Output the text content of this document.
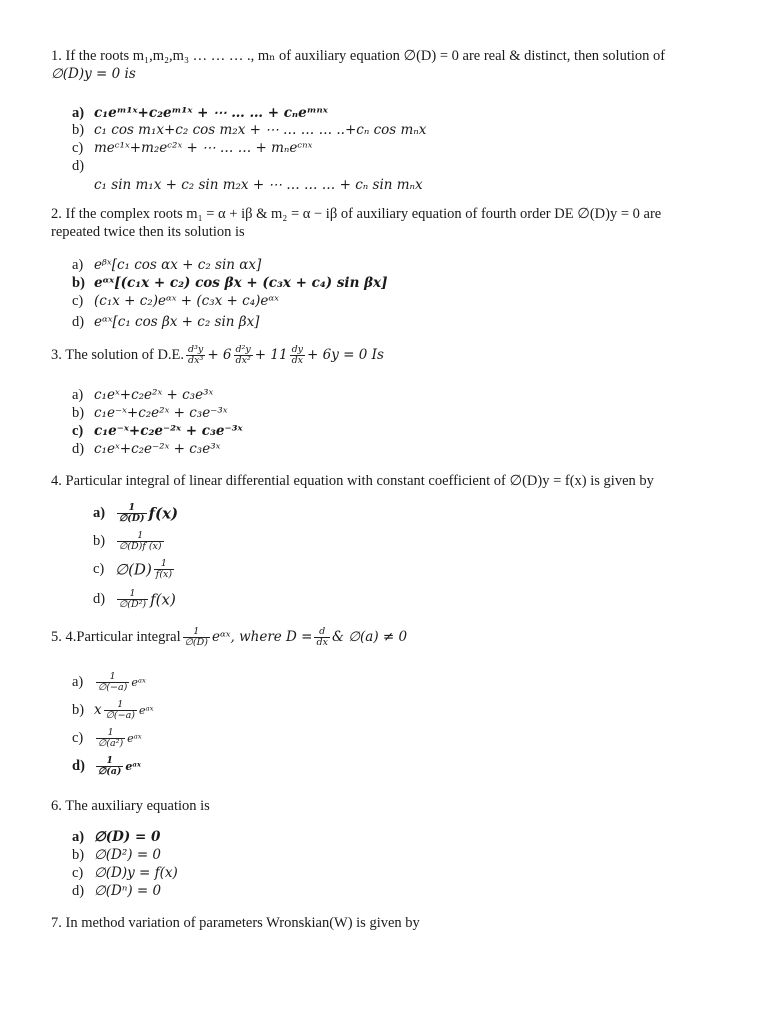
1. If the roots m₁,m₂,m₃ … … … ., mₙ of auxiliary equation ∅(D) = 0 are real & distinct, then solution of
∅(D)y = 0 is
a) c₁eᵐ¹ˣ+c₂eᵐ¹ˣ + ⋯ … … + cₙeᵐⁿˣ
b) c₁ cos m₁x+c₂ cos m₂x + ⋯ … … … ..+cₙ cos mₙx
c) meᶜ¹ˣ+m₂eᶜ²ˣ + ⋯ … … + mₙeᶜⁿˣ
d)
c₁ sin m₁x + c₂ sin m₂x + ⋯ … … … + cₙ sin mₙx
2. If the complex roots m₁ = α + iβ & m₂ = α − iβ of auxiliary equation of fourth order DE ∅(D)y = 0 are
repeated twice then its solution is
a) eᵝˣ[c₁ cos αx + c₂ sin αx]
b) eᵅˣ[(c₁x + c₂) cos βx + (c₃x + c₄) sin βx]
c) (c₁x + c₂)eᵅˣ + (c₃x + c₄)eᵅˣ
d) eᵅˣ[c₁ cos βx + c₂ sin βx]
3. The solution of D.E. $\frac{\text{d³y}}{\text{dx³}} + 6 \frac{\text{d²y}}{\text{dx²}} + 11 \frac{dy}{dx} + 6y = 0$ Is
a) c₁eˣ+c₂e²ˣ + c₃e³ˣ
b) c₁e⁻ˣ+c₂e²ˣ + c₃e⁻³ˣ
c) c₁e⁻ˣ+c₂e⁻²ˣ + c₃e⁻³ˣ
d) c₁eˣ+c₂e⁻²ˣ + c₃e³ˣ
4. Particular integral of linear differential equation with constant coefficient of ∅(D)y = f(x) is given by
$a) \frac{1}{\emptyset(D)} f(x)$
$b) \frac{1}{\emptyset(D)f (x)}$
c) ∅(D) $\frac{1}{f(x)}$
$d) \frac{1}{\text{∅(D²)}} f(x)$
5. 4.Particular integral $\frac{1}{\emptyset(D)}$ eᵅˣ, where $D = \frac{d}{dx}$ & ∅(a) ≠ 0
$a) \frac{1}{\emptyset(-a)}$ eᵃˣ
b) x $\frac{1}{\emptyset(-a)}$ eᵃˣ
$c) \frac{1}{\text{∅(a²)}}$ eᵃˣ
$d) \frac{1}{\emptyset(a)}$ eᵃˣ
6. The auxiliary equation is
a) ∅(D) = 0
b) ∅(D²) = 0
c) ∅(D)y = f(x)
d) ∅(Dⁿ) = 0
7. In method variation of parameters Wronskian(W) is given by
